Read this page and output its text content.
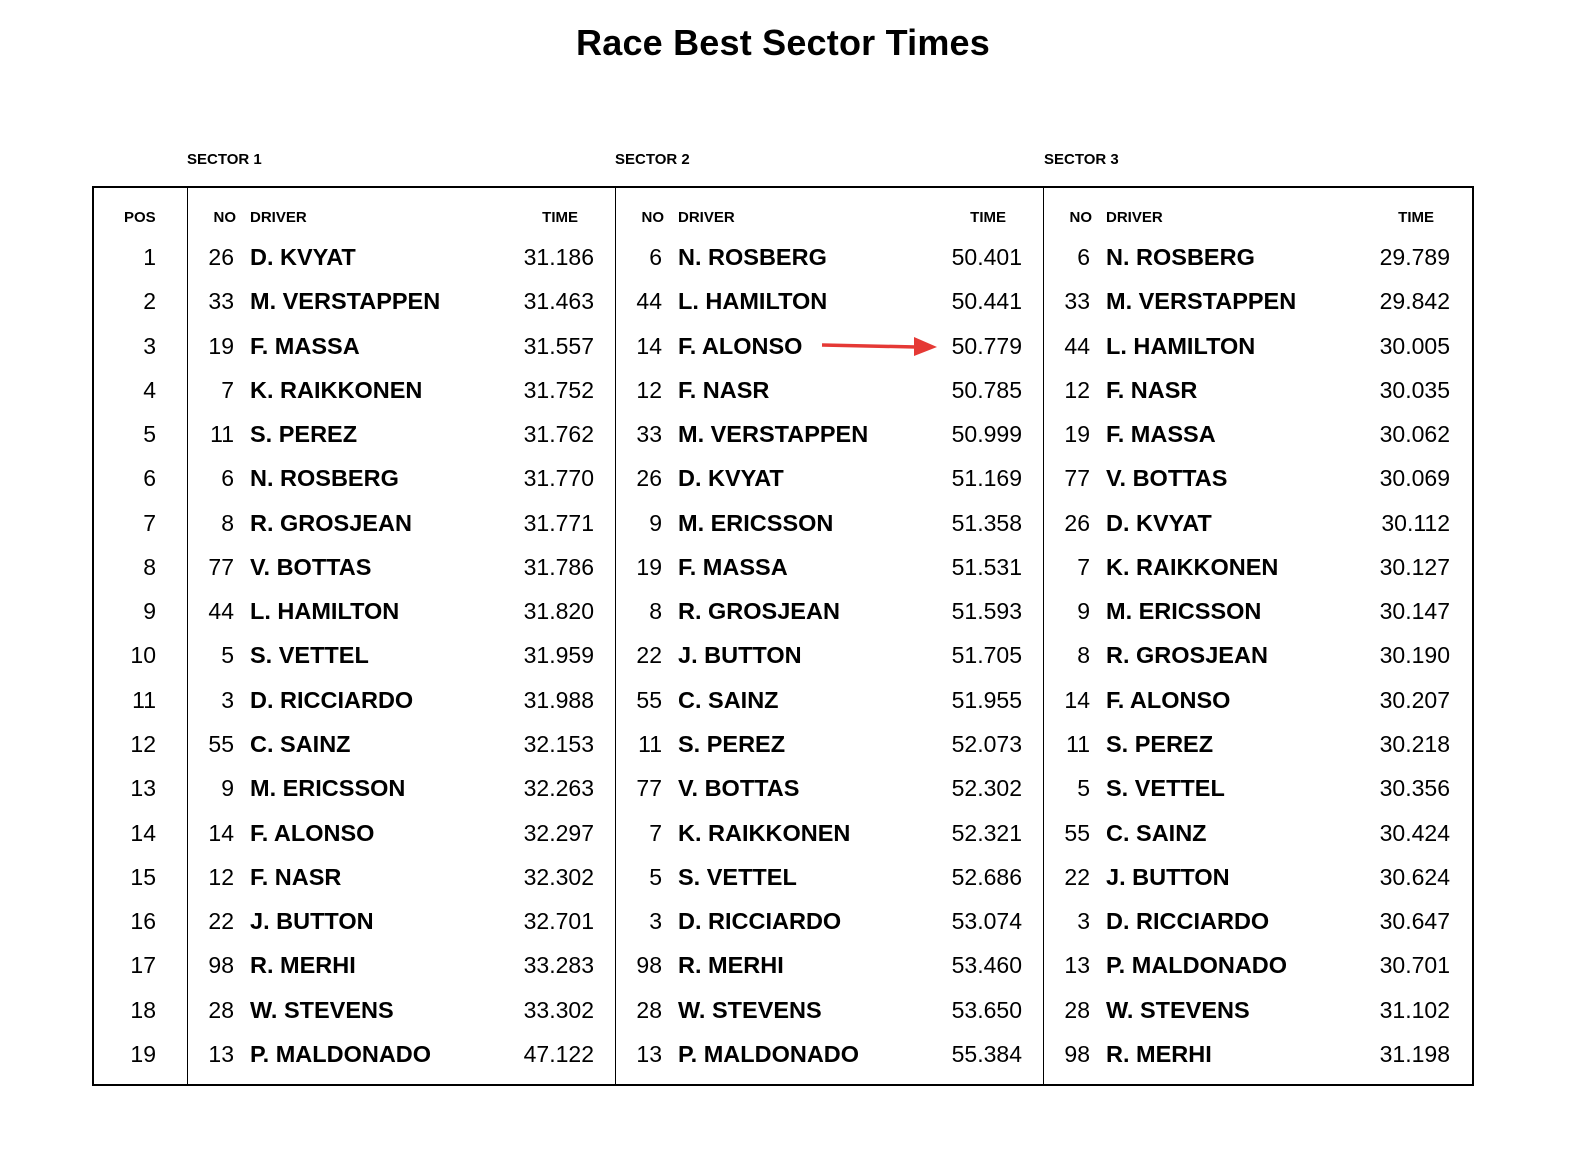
Race Best Sector Times
SECTOR 1	SECTOR 2	SECTOR 3
POS	NO DRIVER	TIME	NO DRIVER	TIME	NO DRIVER	TIME
1	26 D. KVYAT	31.186	6 N. ROSBERG	50.401	6 N. ROSBERG	29.789
2	33 M. VERSTAPPEN	31.463	44 L. HAMILTON	50.441	33 M. VERSTAPPEN	29.842
3	19 F. MASSA	31.557	14 F. ALONSO	50.779	44 L. HAMILTON	30.005
4	7 K. RAIKKONEN	31.752	12 F. NASR	50.785	12 F. NASR	30.035
5	11 S. PEREZ	31.762	33 M. VERSTAPPEN	50.999	19 F. MASSA	30.062
6	6 N. ROSBERG	31.770	26 D. KVYAT	51.169	77 V. BOTTAS	30.069
7	8 R. GROSJEAN	31.771	9 M. ERICSSON	51.358	26 D. KVYAT	30.112
8	77 V. BOTTAS	31.786	19 F. MASSA	51.531	7 K. RAIKKONEN	30.127
9	44 L. HAMILTON	31.820	8 R. GROSJEAN	51.593	9 M. ERICSSON	30.147
10	5 S. VETTEL	31.959	22 J. BUTTON	51.705	8 R. GROSJEAN	30.190
11	3 D. RICCIARDO	31.988	55 C. SAINZ	51.955	14 F. ALONSO	30.207
12	55 C. SAINZ	32.153	11 S. PEREZ	52.073	11 S. PEREZ	30.218
13	9 M. ERICSSON	32.263	77 V. BOTTAS	52.302	5 S. VETTEL	30.356
14	14 F. ALONSO	32.297	7 K. RAIKKONEN	52.321	55 C. SAINZ	30.424
15	12 F. NASR	32.302	5 S. VETTEL	52.686	22 J. BUTTON	30.624
16	22 J. BUTTON	32.701	3 D. RICCIARDO	53.074	3 D. RICCIARDO	30.647
17	98 R. MERHI	33.283	98 R. MERHI	53.460	13 P. MALDONADO	30.701
18	28 W. STEVENS	33.302	28 W. STEVENS	53.650	28 W. STEVENS	31.102
19	13 P. MALDONADO	47.122	13 P. MALDONADO	55.384	98 R. MERHI	31.198
